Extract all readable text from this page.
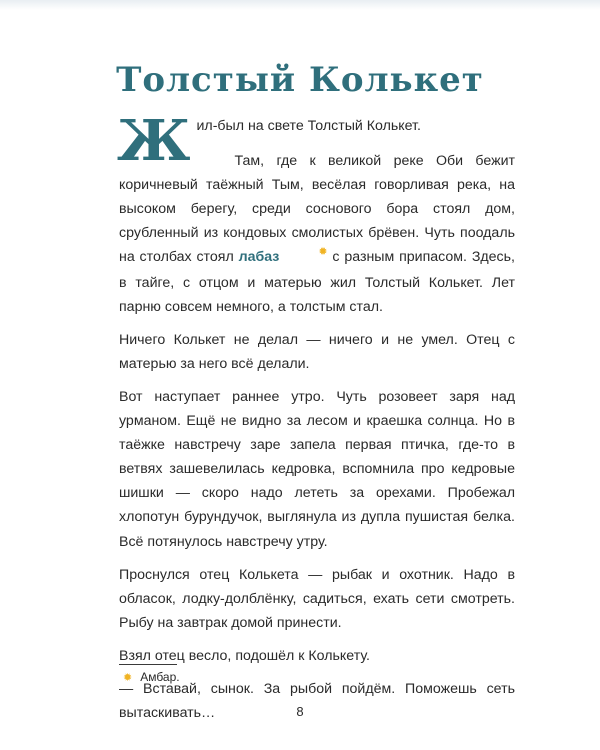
Толстый Колькет

Жил-был на свете Толстый Колькет.

Там, где к великой реке Оби бежит коричневый таёжный Тым, весёлая говорливая река, на высоком берегу, среди соснового бора стоял дом, срубленный из кондовых смолистых брёвен. Чуть поодаль на столбах стоял лабаз	✹ с разным припасом. Здесь, в тайге, с отцом и матерью жил Толстый Колькет. Лет парню совсем немного, а толстым стал.

Ничего Колькет не делал — ничего и не умел. Отец с матерью за него всё делали.

Вот наступает раннее утро. Чуть розовеет заря над урманом. Ещё не видно за лесом и краешка солнца. Но в таёжке навстречу заре запела первая птичка, где-то в ветвях зашевелилась кедровка, вспомнила про кедровые шишки — скоро надо лететь за орехами. Пробежал хлопотун бурундучок, выглянула из дупла пушистая белка. Всё потянулось навстречу утру.

Проснулся отец Колькета — рыбак и охотник. Надо в обласок, лодку-долблёнку, садиться, ехать сети смотреть. Рыбу на завтрак домой принести.

Взял отец весло, подошёл к Колькету.

— Вставай, сынок. За рыбой пойдём. Поможешь сеть вытаскивать…

✹ Амбар.
8
